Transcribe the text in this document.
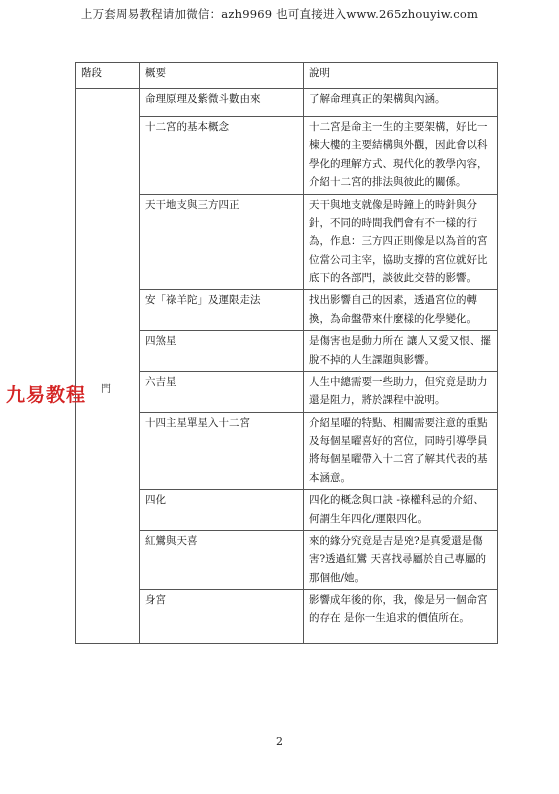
上万套周易教程请加微信：azh9969 也可直接进入www.265zhouyiw.com
階段	概要	說明
	命理原理及紫微斗數由來	了解命理真正的架構與內涵。
	十二宮的基本概念	十二宮是命主一生的主要架構，好比一棟大樓的主要結構與外觀，因此會以科學化的理解方式、現代化的教學內容，介紹十二宮的排法與彼此的關係。
	天干地支與三方四正	天干與地支就像是時鐘上的時針與分針，不同的時間我們會有不一樣的行為，作息：三方四正則像是以為首的宮位當公司主宰，協助支撐的宮位就好比底下的各部門，談彼此交替的影響。
	安「祿羊陀」及運限走法	找出影響自己的因素，透過宮位的轉換，為命盤帶來什麼樣的化學變化。
	四煞星	是傷害也是動力所在 讓人又愛又恨、擺脫不掉的人生課題與影響。
	六吉星	人生中總需要一些助力，但究竟是助力還是阻力，將於課程中說明。
	十四主星單星入十二宮	介紹星曜的特點、相關需要注意的重點及每個星曜喜好的宮位，同時引導學員將每個星曜帶入十二宮了解其代表的基本涵意。
	四化	四化的概念與口訣 -祿權科忌的介紹、何謂生年四化/運限四化。
	紅鸞與天喜	來的緣分究竟是吉是兇?是真愛還是傷害?透過紅鸞 天喜找尋屬於自己專屬的那個他/她。
	身宮	影響成年後的你，我，像是另一個命宮的存在 是你一生追求的價值所在。
九易教程 門
2
